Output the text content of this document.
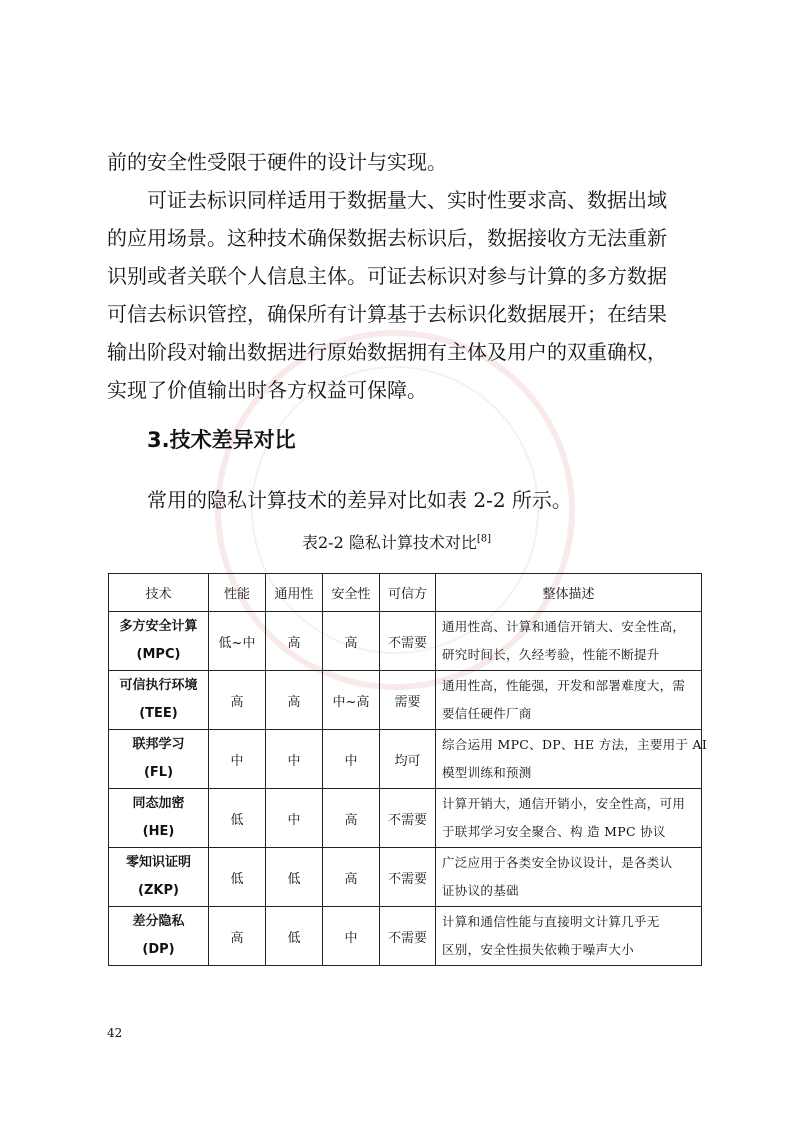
前的安全性受限于硬件的设计与实现。

可证去标识同样适用于数据量大、实时性要求高、数据出域
的应用场景。这种技术确保数据去标识后，数据接收方无法重新
识别或者关联个人信息主体。可证去标识对参与计算的多方数据
可信去标识管控，确保所有计算基于去标识化数据展开；在结果
输出阶段对输出数据进行原始数据拥有主体及用户的双重确权，
实现了价值输出时各方权益可保障。

3.技术差异对比

常用的隐私计算技术的差异对比如表 2-2 所示。

表2-2 隐私计算技术对比[8]

技术	性能	通用性	安全性	可信方	整体描述

多方安全计算
(MPC)	低~中	高	高	不需要	通用性高、计算和通信开销大、安全性高，
研究时间长，久经考验，性能不断提升

可信执行环境
(TEE)	高	高	中~高	需要	通用性高，性能强，开发和部署难度大，需
要信任硬件厂商

联邦学习
(FL)	中	中	中	均可	综合运用 MPC、DP、HE 方法，主要用于 AI
模型训练和预测

同态加密
(HE)	低	中	高	不需要	计算开销大，通信开销小，安全性高，可用
于联邦学习安全聚合、构 造 MPC 协议

零知识证明
(ZKP)	低	低	高	不需要	广泛应用于各类安全协议设计，是各类认
证协议的基础

差分隐私
(DP)	高	低	中	不需要	计算和通信性能与直接明文计算几乎无
区别，安全性损失依赖于噪声大小
42
